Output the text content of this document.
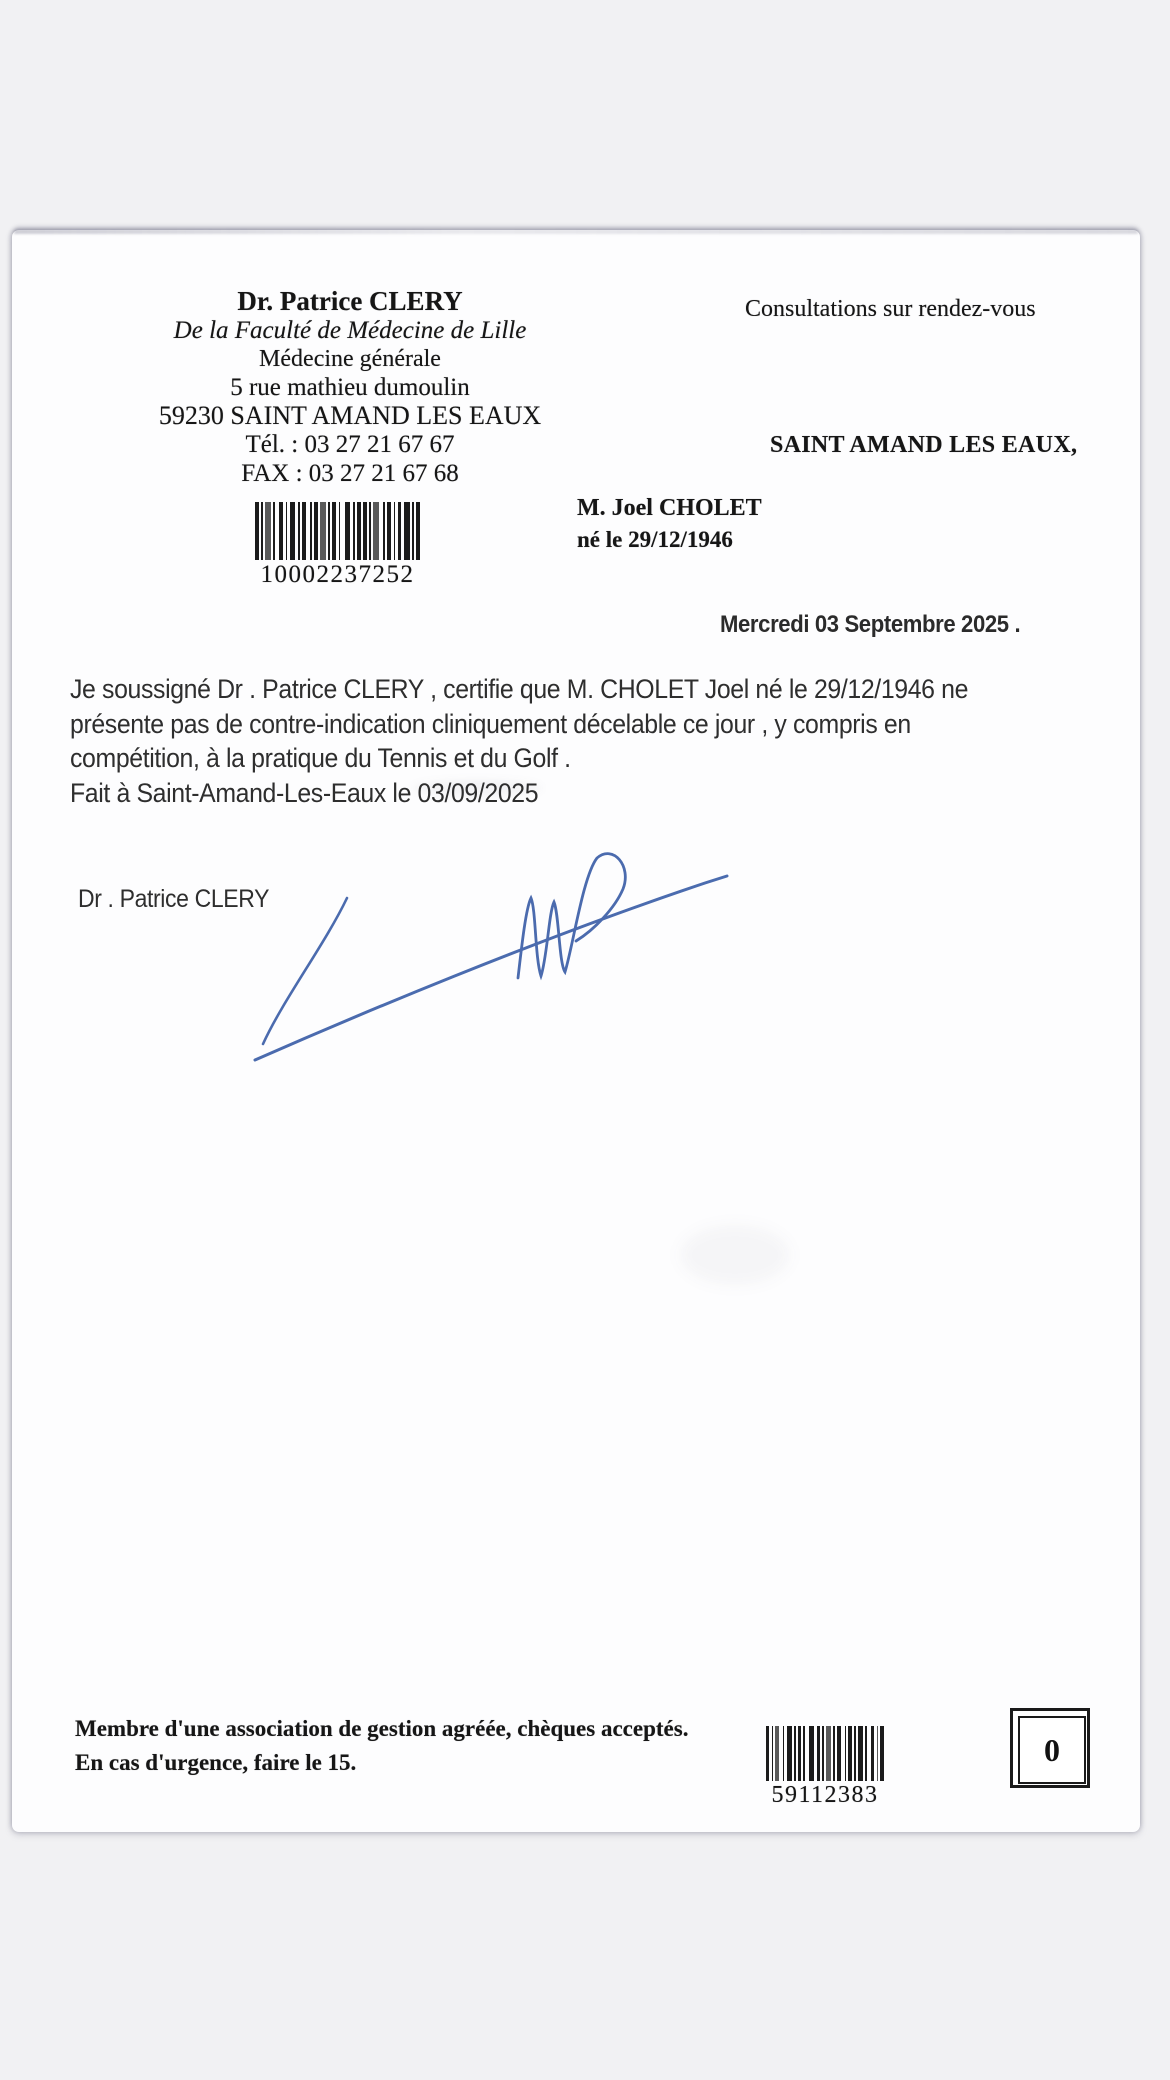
Dr. Patrice CLERY
De la Faculté de Médecine de Lille
Médecine générale
5 rue mathieu dumoulin
59230 SAINT AMAND LES EAUX
Tél. : 03 27 21 67 67
FAX : 03 27 21 67 68
10002237252
Consultations sur rendez-vous
SAINT AMAND LES EAUX,
M. Joel CHOLET
né le 29/12/1946
Mercredi 03 Septembre 2025 .
Je soussigné Dr . Patrice CLERY , certifie que M. CHOLET Joel né le 29/12/1946 ne
présente pas de contre-indication cliniquement décelable ce jour , y compris en
compétition, à la pratique du Tennis et du Golf .
Fait à Saint-Amand-Les-Eaux le 03/09/2025
Dr . Patrice CLERY
Membre d'une association de gestion agréée, chèques acceptés.
En cas d'urgence, faire le 15.
59112383
0
